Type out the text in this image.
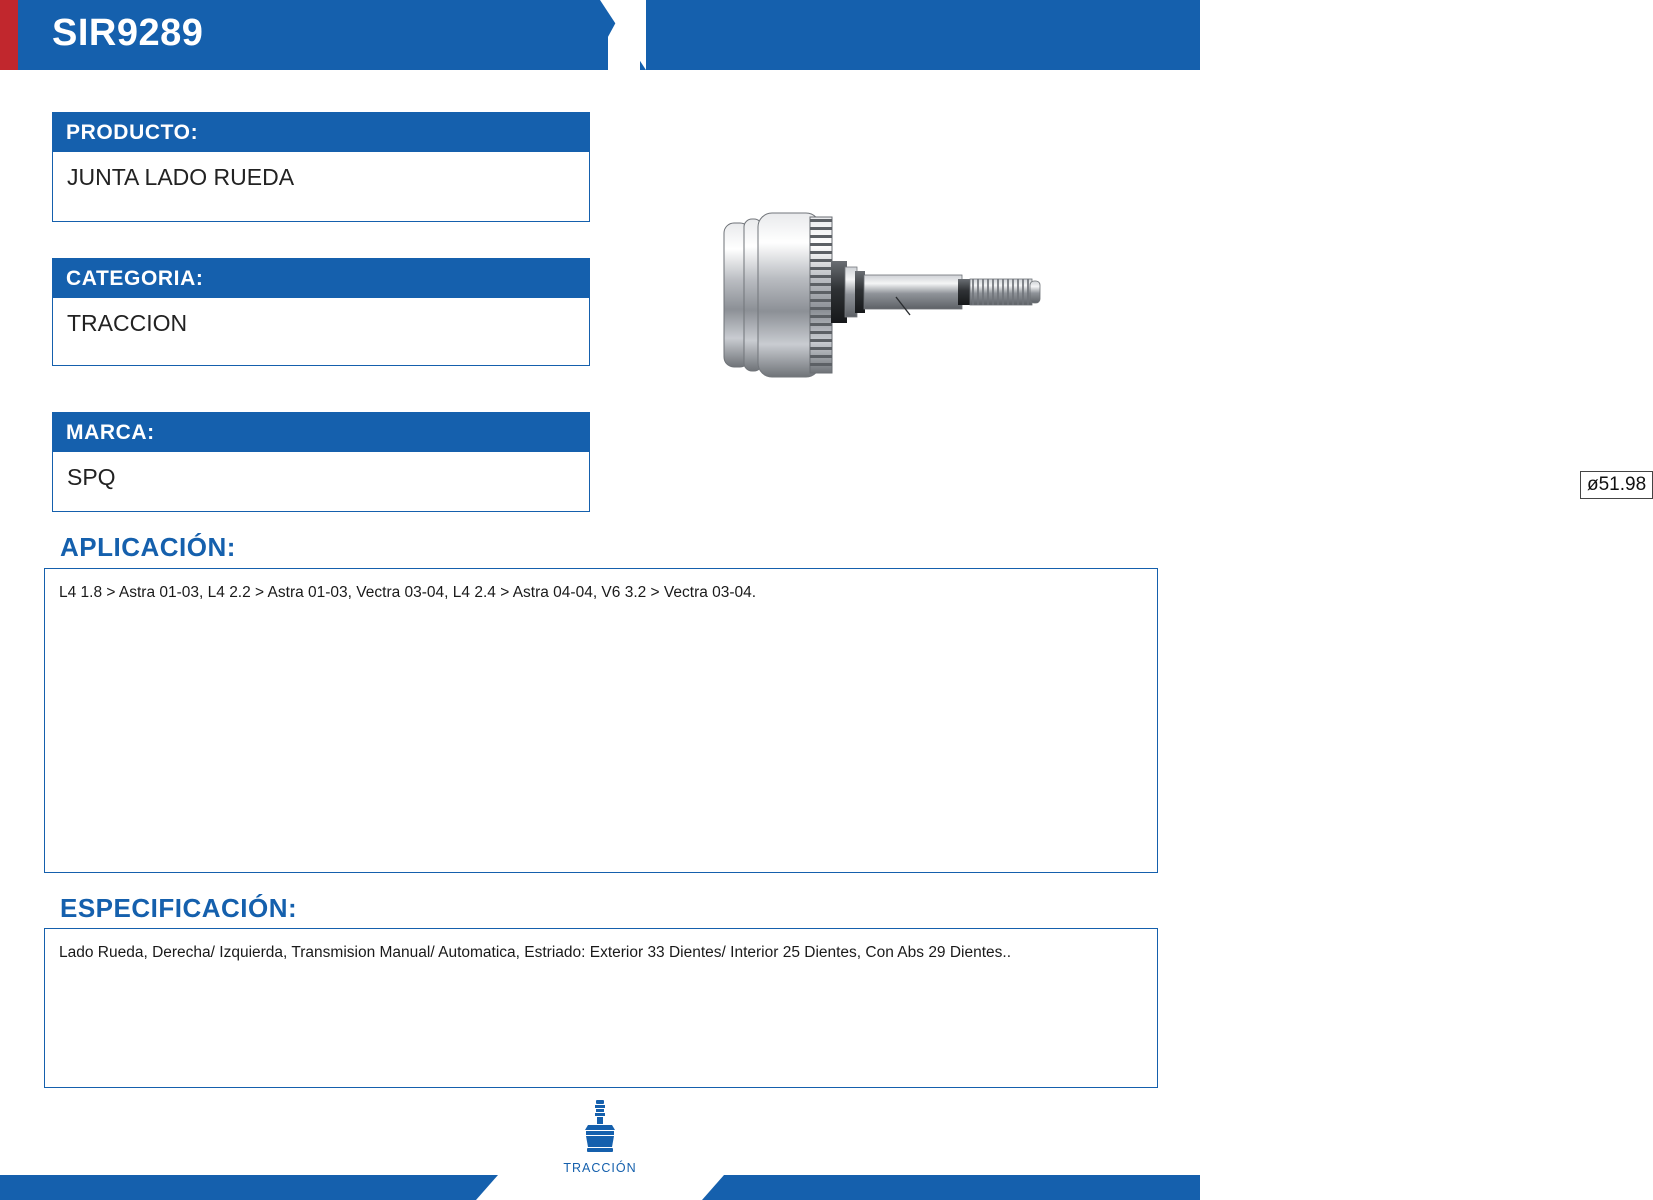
SIR9289
PRODUCTO:
JUNTA LADO RUEDA
CATEGORIA:
TRACCION
MARCA:
SPQ	ø51.98
APLICACIÓN:
L4 1.8 > Astra 01-03, L4 2.2 > Astra 01-03, Vectra 03-04, L4 2.4 > Astra 04-04, V6 3.2 > Vectra 03-04.
ESPECIFICACIÓN:
Lado Rueda, Derecha/ Izquierda, Transmision Manual/ Automatica, Estriado: Exterior 33 Dientes/ Interior 25 Dientes, Con Abs 29 Dientes..
TRACCIÓN
